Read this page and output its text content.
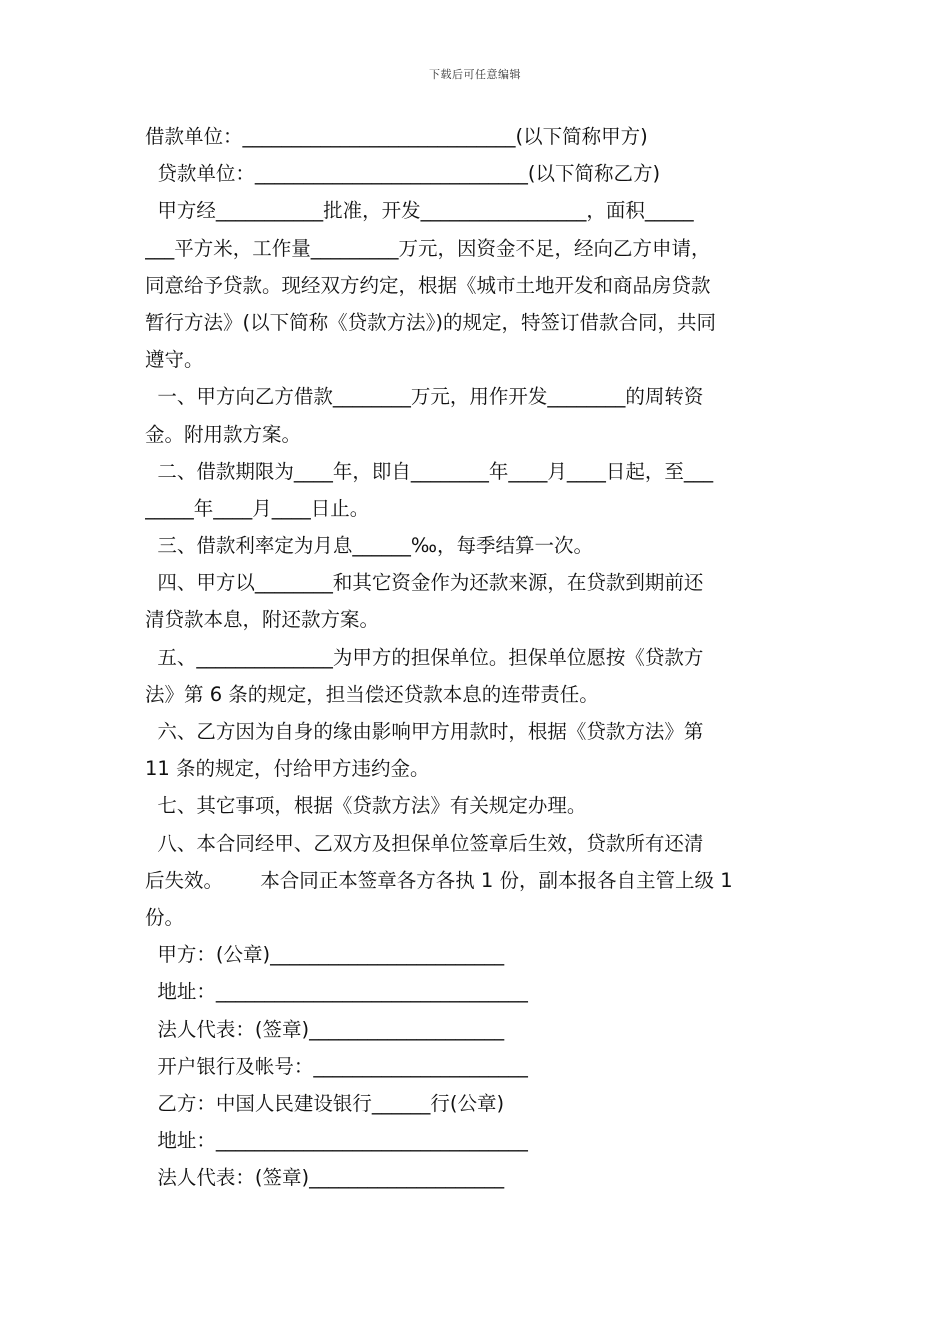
下载后可任意编辑
借款单位：____________________________(以下简称甲方)
贷款单位：____________________________(以下简称乙方)
甲方经___________批准，开发_________________，面积_____
___平方米，工作量_________万元，因资金不足，经向乙方申请，
同意给予贷款。现经双方约定，根据《城市土地开发和商品房贷款
暂行方法》(以下简称《贷款方法》)的规定，特签订借款合同，共同
遵守。
一、甲方向乙方借款________万元，用作开发________的周转资
金。附用款方案。
二、借款期限为____年，即自________年____月____日起，至___
_____年____月____日止。
三、借款利率定为月息______‰，每季结算一次。
四、甲方以________和其它资金作为还款来源，在贷款到期前还
清贷款本息，附还款方案。
五、______________为甲方的担保单位。担保单位愿按《贷款方
法》第 6 条的规定，担当偿还贷款本息的连带责任。
六、乙方因为自身的缘由影响甲方用款时，根据《贷款方法》第
11 条的规定，付给甲方违约金。
七、其它事项，根据《贷款方法》有关规定办理。
八、本合同经甲、乙双方及担保单位签章后生效，贷款所有还清
后失效。      本合同正本签章各方各执 1 份，副本报各自主管上级 1
份。
甲方：(公章)________________________
地址：________________________________
法人代表：(签章)____________________
开户银行及帐号：______________________
乙方：中国人民建设银行______行(公章)
地址：________________________________
法人代表：(签章)____________________
